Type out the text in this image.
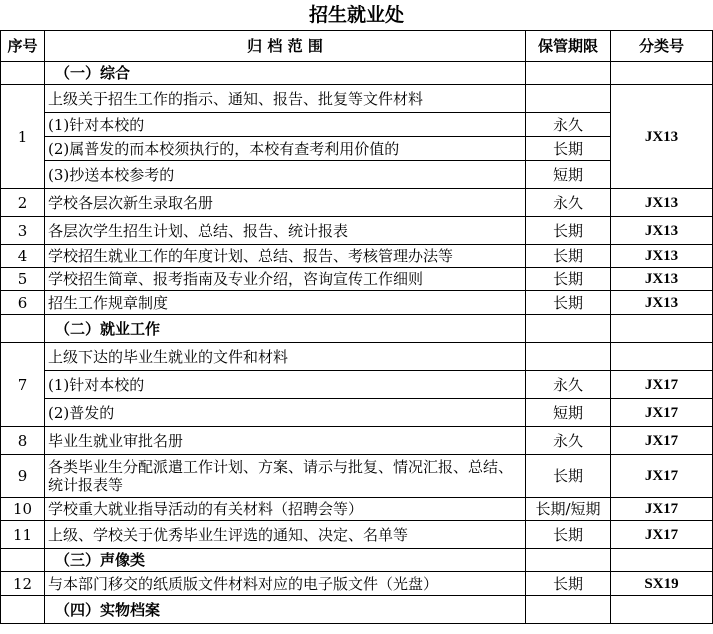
招生就业处
序号	归 档 范 围	保管期限	分类号
	（一）综合		
1	上级关于招生工作的指示、通知、报告、批复等文件材料		JX13
	(1)针对本校的	永久	
	(2)属普发的而本校须执行的，本校有查考利用价值的	长期	
	(3)抄送本校参考的	短期	
2	学校各层次新生录取名册	永久	JX13
3	各层次学生招生计划、总结、报告、统计报表	长期	JX13
4	学校招生就业工作的年度计划、总结、报告、考核管理办法等	长期	JX13
5	学校招生简章、报考指南及专业介绍，咨询宣传工作细则	长期	JX13
6	招生工作规章制度	长期	JX13
	（二）就业工作		
7	上级下达的毕业生就业的文件和材料		
	(1)针对本校的	永久	JX17
	(2)普发的	短期	JX17
8	毕业生就业审批名册	永久	JX17
9	各类毕业生分配派遣工作计划、方案、请示与批复、情况汇报、总结、统计报表等	长期	JX17
10	学校重大就业指导活动的有关材料（招聘会等）	长期/短期	JX17
11	上级、学校关于优秀毕业生评选的通知、决定、名单等	长期	JX17
	（三）声像类		
12	与本部门移交的纸质版文件材料对应的电子版文件（光盘）	长期	SX19
	（四）实物档案		
